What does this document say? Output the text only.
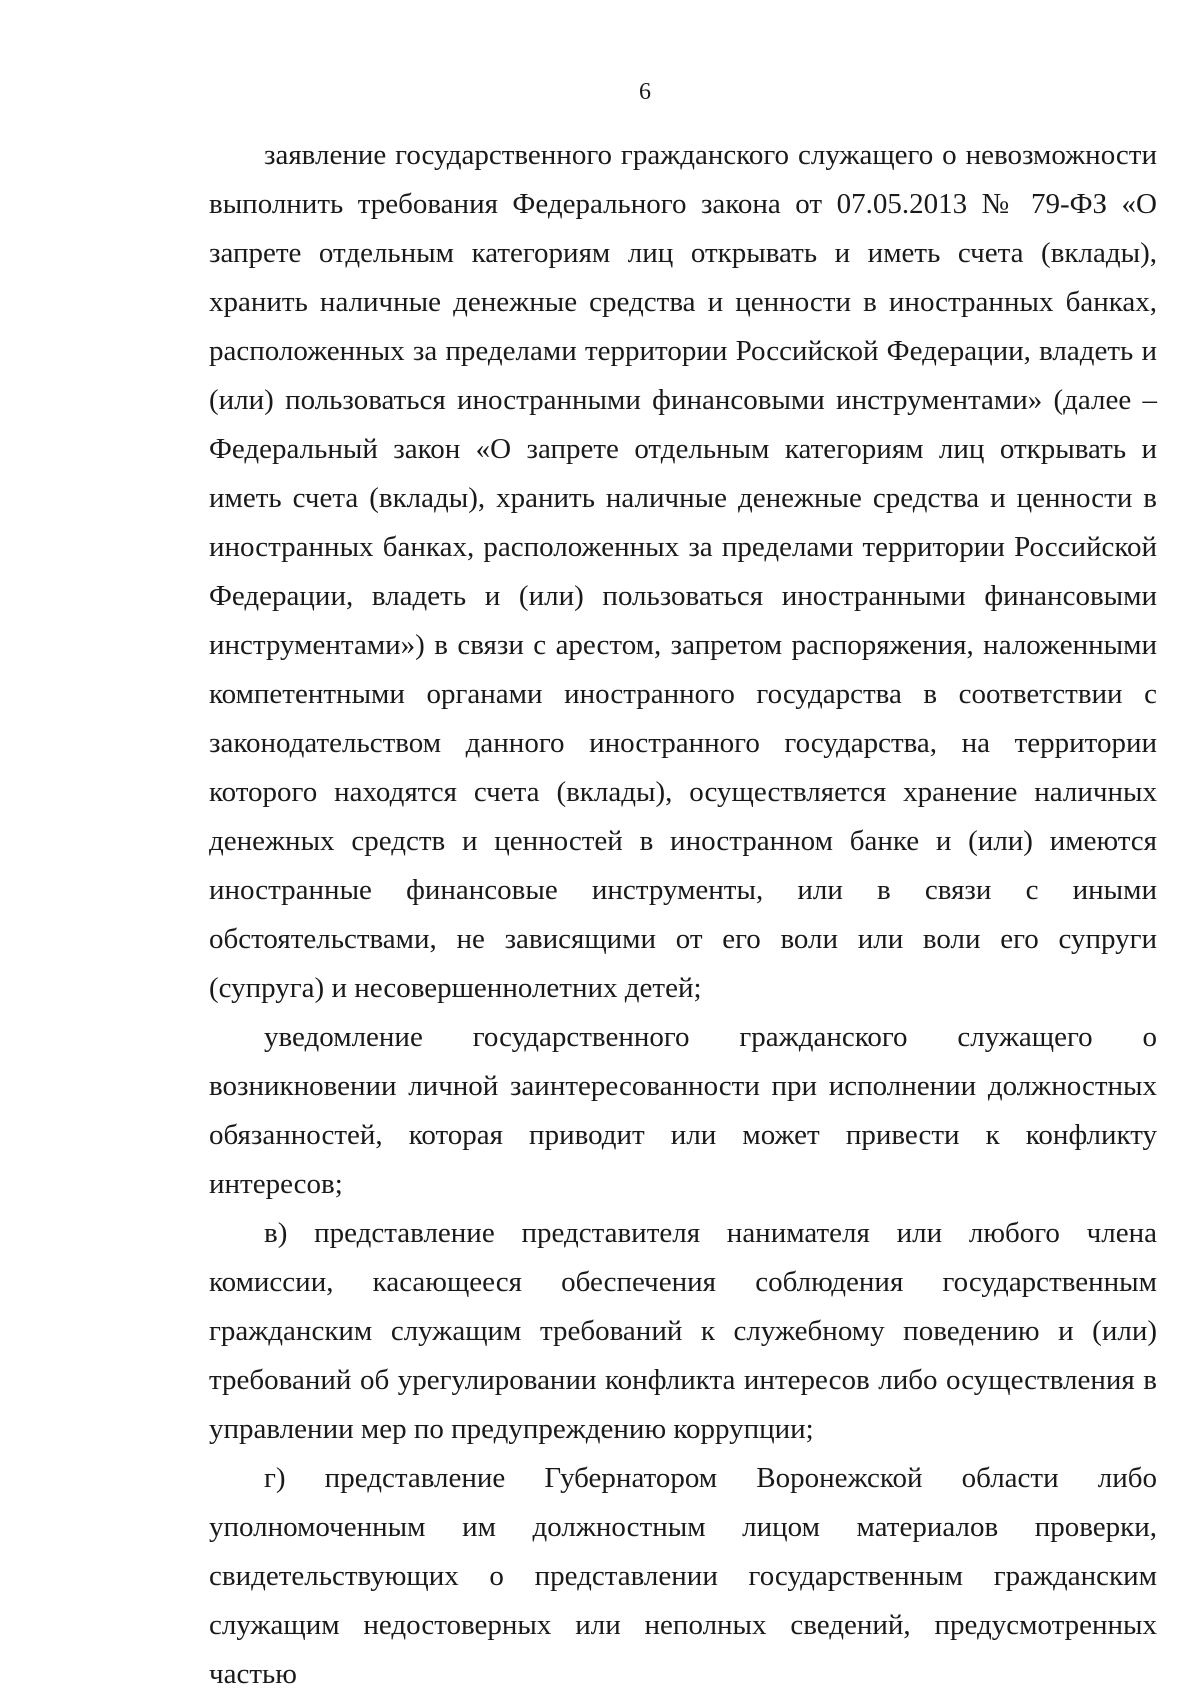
6

заявление государственного гражданского служащего о невозможности выполнить требования Федерального закона от 07.05.2013 № 79-ФЗ «О запрете отдельным категориям лиц открывать и иметь счета (вклады), хранить наличные денежные средства и ценности в иностранных банках, расположенных за пределами территории Российской Федерации, владеть и (или) пользоваться иностранными финансовыми инструментами» (далее – Федеральный закон «О запрете отдельным категориям лиц открывать и иметь счета (вклады), хранить наличные денежные средства и ценности в иностранных банках, расположенных за пределами территории Российской Федерации, владеть и (или) пользоваться иностранными финансовыми инструментами») в связи с арестом, запретом распоряжения, наложенными компетентными органами иностранного государства в соответствии с законодательством данного иностранного государства, на территории которого находятся счета (вклады), осуществляется хранение наличных денежных средств и ценностей в иностранном банке и (или) имеются иностранные финансовые инструменты, или в связи с иными обстоятельствами, не зависящими от его воли или воли его супруги (супруга) и несовершеннолетних детей;

уведомление государственного гражданского служащего о возникновении личной заинтересованности при исполнении должностных обязанностей, которая приводит или может привести к конфликту интересов;

в) представление представителя нанимателя или любого члена комиссии, касающееся обеспечения соблюдения государственным гражданским служащим требований к служебному поведению и (или) требований об урегулировании конфликта интересов либо осуществления в управлении мер по предупреждению коррупции;

г) представление Губернатором Воронежской области либо уполномоченным им должностным лицом материалов проверки, свидетельствующих о представлении государственным гражданским служащим недостоверных или неполных сведений, предусмотренных частью
